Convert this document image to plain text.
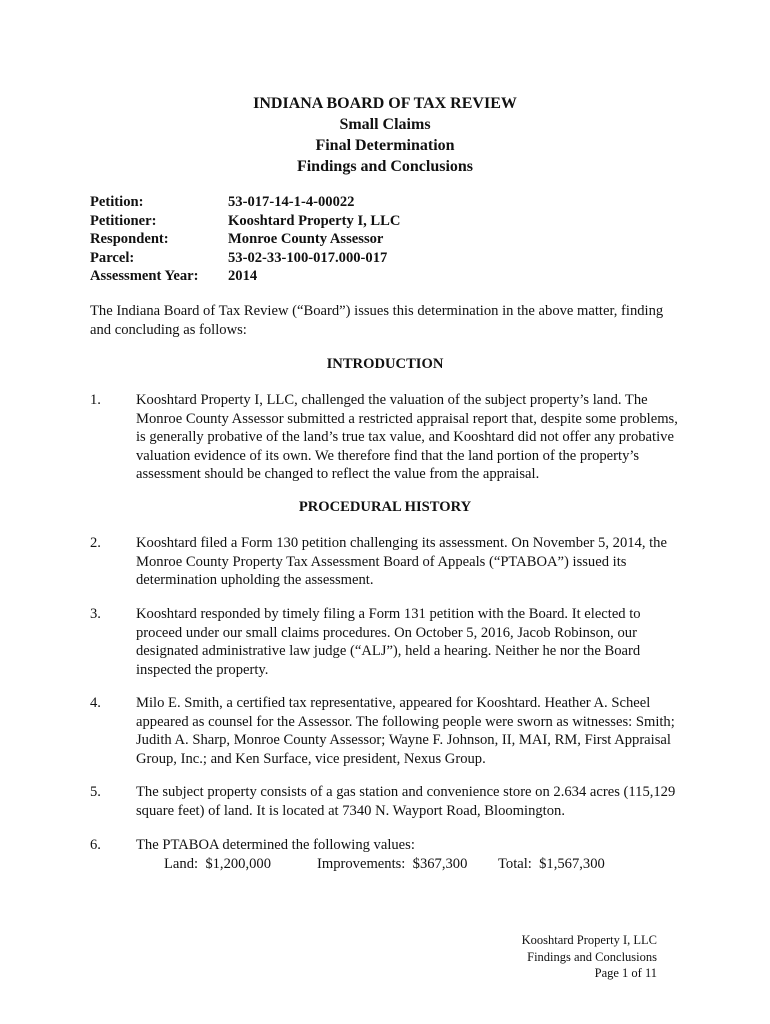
INDIANA BOARD OF TAX REVIEW
Small Claims
Final Determination
Findings and Conclusions
Petition:	53-017-14-1-4-00022
Petitioner:	Kooshtard Property I, LLC
Respondent:	Monroe County Assessor
Parcel:	53-02-33-100-017.000-017
Assessment Year:	2014
The Indiana Board of Tax Review (“Board”) issues this determination in the above matter, finding and concluding as follows:
INTRODUCTION
1.	Kooshtard Property I, LLC, challenged the valuation of the subject property’s land. The Monroe County Assessor submitted a restricted appraisal report that, despite some problems, is generally probative of the land’s true tax value, and Kooshtard did not offer any probative valuation evidence of its own. We therefore find that the land portion of the property’s assessment should be changed to reflect the value from the appraisal.
PROCEDURAL HISTORY
2.	Kooshtard filed a Form 130 petition challenging its assessment. On November 5, 2014, the Monroe County Property Tax Assessment Board of Appeals (“PTABOA”) issued its determination upholding the assessment.
3.	Kooshtard responded by timely filing a Form 131 petition with the Board. It elected to proceed under our small claims procedures. On October 5, 2016, Jacob Robinson, our designated administrative law judge (“ALJ”), held a hearing. Neither he nor the Board inspected the property.
4.	Milo E. Smith, a certified tax representative, appeared for Kooshtard. Heather A. Scheel appeared as counsel for the Assessor. The following people were sworn as witnesses: Smith; Judith A. Sharp, Monroe County Assessor; Wayne F. Johnson, II, MAI, RM, First Appraisal Group, Inc.; and Ken Surface, vice president, Nexus Group.
5.	The subject property consists of a gas station and convenience store on 2.634 acres (115,129 square feet) of land. It is located at 7340 N. Wayport Road, Bloomington.
6.	The PTABOA determined the following values:
Land:  $1,200,000	Improvements:  $367,300	Total:  $1,567,300
Kooshtard Property I, LLC
Findings and Conclusions
Page 1 of 11
